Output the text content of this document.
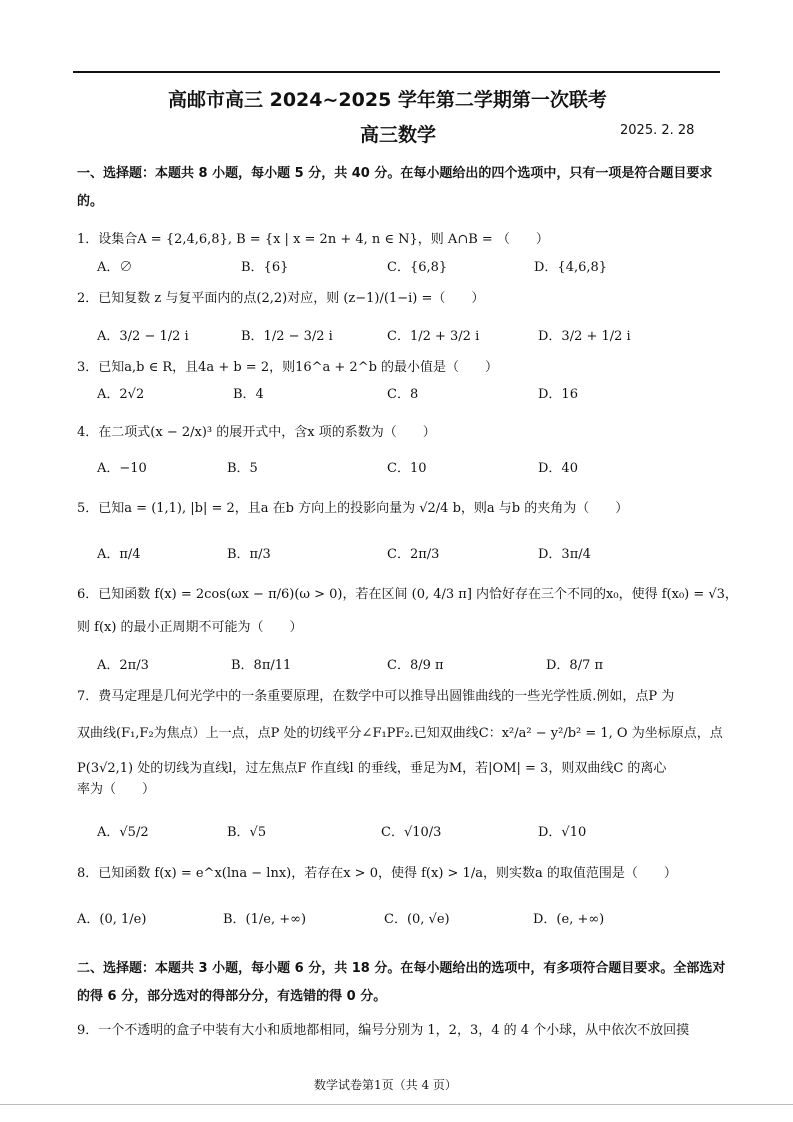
高邮市高三 2024~2025 学年第二学期第一次联考
高三数学	2025. 2. 28
一、选择题：本题共 8 小题，每小题 5 分，共 40 分。在每小题给出的四个选项中，只有一项是符合题目要求的。
1．设集合A = {2,4,6,8}, B = {x | x = 2n + 4, n ∈ N}，则 A∩B = （　　）
A．∅	B．{6}	C．{6,8}	D．{4,6,8}
2．已知复数 z 与复平面内的点(2,2)对应，则 (z−1)/(1−i) =（　　）
A．3/2 − 1/2 i	B．1/2 − 3/2 i	C．1/2 + 3/2 i	D．3/2 + 1/2 i
3．已知a,b ∈ R，且4a + b = 2，则16^a + 2^b 的最小值是（　　）
A．2√2	B．4	C．8	D．16
4．在二项式(x − 2/x)³ 的展开式中，含x 项的系数为（　　）
A．−10	B．5	C．10	D．40
5．已知a = (1,1), |b| = 2，且a 在b 方向上的投影向量为 √2/4 b，则a 与b 的夹角为（　　）
A．π/4	B．π/3	C．2π/3	D．3π/4
6．已知函数 f(x) = 2cos(ωx − π/6)(ω > 0)，若在区间 (0, 4/3 π] 内恰好存在三个不同的x₀，使得 f(x₀) = √3，
则 f(x) 的最小正周期不可能为（　　）
A．2π/3	B．8π/11	C．8/9 π	D．8/7 π
7．费马定理是几何光学中的一条重要原理，在数学中可以推导出圆锥曲线的一些光学性质.例如，点P 为
双曲线(F₁,F₂为焦点）上一点，点P 处的切线平分∠F₁PF₂.已知双曲线C：x²/a² − y²/b² = 1, O 为坐标原点，点
P(3√2,1) 处的切线为直线l，过左焦点F 作直线l 的垂线，垂足为M，若|OM| = 3，则双曲线C 的离心
率为（　　）
A．√5/2	B．√5	C．√10/3	D．√10
8．已知函数 f(x) = e^x(lna − lnx)，若存在x > 0，使得 f(x) > 1/a，则实数a 的取值范围是（　　）
A．(0, 1/e)	B．(1/e, +∞)	C．(0, √e)	D．(e, +∞)
二、选择题：本题共 3 小题，每小题 6 分，共 18 分。在每小题给出的选项中，有多项符合题目要求。全部选对的得 6 分，部分选对的得部分分，有选错的得 0 分。
9．一个不透明的盒子中装有大小和质地都相同，编号分别为 1，2，3，4 的 4 个小球，从中依次不放回摸
数学试卷第1页（共 4 页）
